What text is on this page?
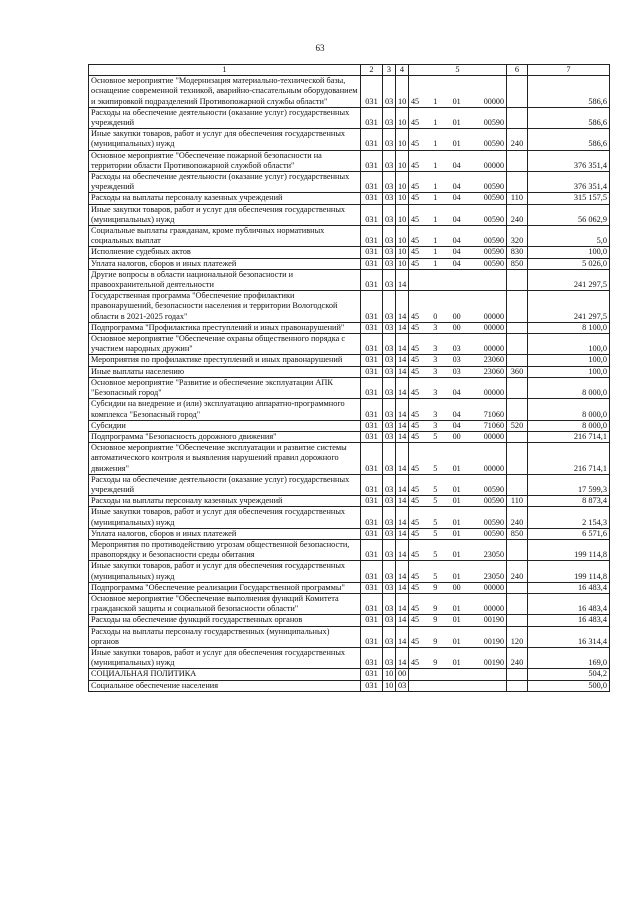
63
1	2	3	4	5	6	7
Основное мероприятие "Модернизация материально-технической базы, оснащение современной техникой, аварийно-спасательным оборудованием и экипировкой подразделений Противопожарной службы области"	031	03	10	45 1 01 00000		586,6
Расходы на обеспечение деятельности (оказание услуг) государственных учреждений	031	03	10	45 1 01 00590		586,6
Иные закупки товаров, работ и услуг для обеспечения государственных (муниципальных) нужд	031	03	10	45 1 01 00590	240	586,6
Основное мероприятие "Обеспечение пожарной безопасности на территории области Противопожарной службой области"	031	03	10	45 1 04 00000		376 351,4
Расходы на обеспечение деятельности (оказание услуг) государственных учреждений	031	03	10	45 1 04 00590		376 351,4
Расходы на выплаты персоналу казенных учреждений	031	03	10	45 1 04 00590	110	315 157,5
Иные закупки товаров, работ и услуг для обеспечения государственных (муниципальных) нужд	031	03	10	45 1 04 00590	240	56 062,9
Социальные выплаты гражданам, кроме публичных нормативных социальных выплат	031	03	10	45 1 04 00590	320	5,0
Исполнение судебных актов	031	03	10	45 1 04 00590	830	100,0
Уплата налогов, сборов и иных платежей	031	03	10	45 1 04 00590	850	5 026,0
Другие вопросы в области национальной безопасности и правоохранительной деятельности	031	03	14			241 297,5
Государственная программа "Обеспечение профилактики правонарушений, безопасности населения и территории Вологодской области в 2021-2025 годах"	031	03	14	45 0 00 00000		241 297,5
Подпрограмма "Профилактика преступлений и иных правонарушений"	031	03	14	45 3 00 00000		8 100,0
Основное мероприятие "Обеспечение охраны общественного порядка с участием народных дружин"	031	03	14	45 3 03 00000		100,0
Мероприятия по профилактике преступлений и иных правонарушений	031	03	14	45 3 03 23060		100,0
Иные выплаты населению	031	03	14	45 3 03 23060	360	100,0
Основное мероприятие "Развитие и обеспечение эксплуатации АПК "Безопасный город"	031	03	14	45 3 04 00000		8 000,0
Субсидии на внедрение и (или) эксплуатацию аппаратно-программного комплекса "Безопасный город"	031	03	14	45 3 04 71060		8 000,0
Субсидии	031	03	14	45 3 04 71060	520	8 000,0
Подпрограмма "Безопасность дорожного движения"	031	03	14	45 5 00 00000		216 714,1
Основное мероприятие "Обеспечение эксплуатации и развитие системы автоматического контроля и выявления нарушений правил дорожного движения"	031	03	14	45 5 01 00000		216 714,1
Расходы на обеспечение деятельности (оказание услуг) государственных учреждений	031	03	14	45 5 01 00590		17 599,3
Расходы на выплаты персоналу казенных учреждений	031	03	14	45 5 01 00590	110	8 873,4
Иные закупки товаров, работ и услуг для обеспечения государственных (муниципальных) нужд	031	03	14	45 5 01 00590	240	2 154,3
Уплата налогов, сборов и иных платежей	031	03	14	45 5 01 00590	850	6 571,6
Мероприятия по противодействию угрозам общественной безопасности, правопорядку и безопасности среды обитания	031	03	14	45 5 01 23050		199 114,8
Иные закупки товаров, работ и услуг для обеспечения государственных (муниципальных) нужд	031	03	14	45 5 01 23050	240	199 114,8
Подпрограмма "Обеспечение реализации Государственной программы"	031	03	14	45 9 00 00000		16 483,4
Основное мероприятие "Обеспечение выполнения функций Комитета гражданской защиты и социальной безопасности области"	031	03	14	45 9 01 00000		16 483,4
Расходы на обеспечение функций государственных органов	031	03	14	45 9 01 00190		16 483,4
Расходы на выплаты персоналу государственных (муниципальных) органов	031	03	14	45 9 01 00190	120	16 314,4
Иные закупки товаров, работ и услуг для обеспечения государственных (муниципальных) нужд	031	03	14	45 9 01 00190	240	169,0
СОЦИАЛЬНАЯ ПОЛИТИКА	031	10	00			504,2
Социальное обеспечение населения	031	10	03			500,0
